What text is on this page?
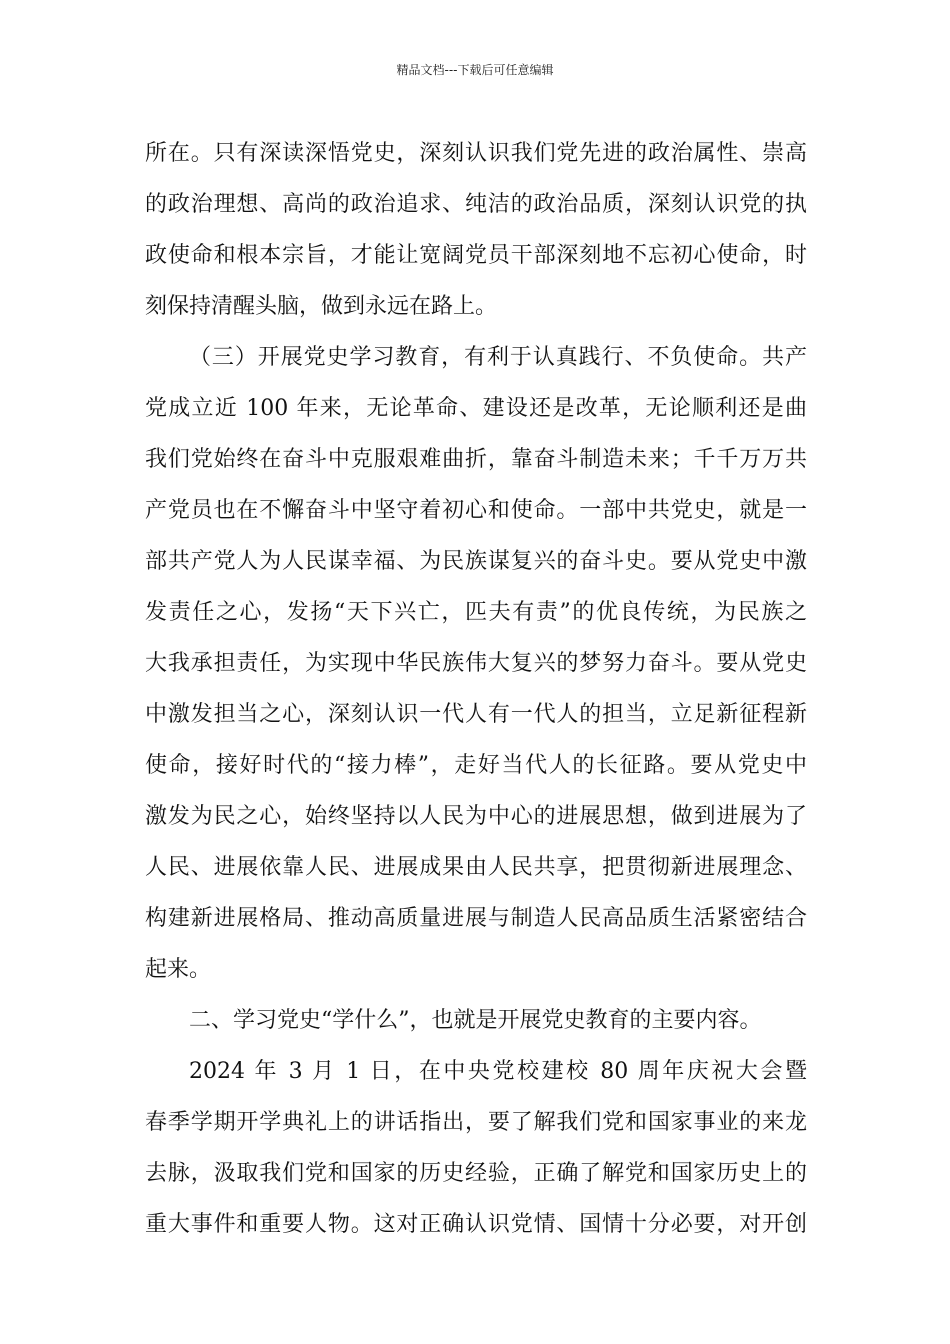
精品文档---下载后可任意编辑
所在。只有深读深悟党史，深刻认识我们党先进的政治属性、崇高
的政治理想、高尚的政治追求、纯洁的政治品质，深刻认识党的执
政使命和根本宗旨，才能让宽阔党员干部深刻地不忘初心使命，时
刻保持清醒头脑，做到永远在路上。
（三）开展党史学习教育，有利于认真践行、不负使命。共产
党成立近 100 年来，无论革命、建设还是改革，无论顺利还是曲
我们党始终在奋斗中克服艰难曲折，靠奋斗制造未来；千千万万共
产党员也在不懈奋斗中坚守着初心和使命。一部中共党史，就是一
部共产党人为人民谋幸福、为民族谋复兴的奋斗史。要从党史中激
发责任之心，发扬“天下兴亡，匹夫有责”的优良传统，为民族之
大我承担责任，为实现中华民族伟大复兴的梦努力奋斗。要从党史
中激发担当之心，深刻认识一代人有一代人的担当，立足新征程新
使命，接好时代的“接力棒”，走好当代人的长征路。要从党史中
激发为民之心，始终坚持以人民为中心的进展思想，做到进展为了
人民、进展依靠人民、进展成果由人民共享，把贯彻新进展理念、
构建新进展格局、推动高质量进展与制造人民高品质生活紧密结合
起来。
二、学习党史“学什么”，也就是开展党史教育的主要内容。
2024 年 3 月 1 日，在中央党校建校 80 周年庆祝大会暨
春季学期开学典礼上的讲话指出，要了解我们党和国家事业的来龙
去脉，汲取我们党和国家的历史经验，正确了解党和国家历史上的
重大事件和重要人物。这对正确认识党情、国情十分必要，对开创
